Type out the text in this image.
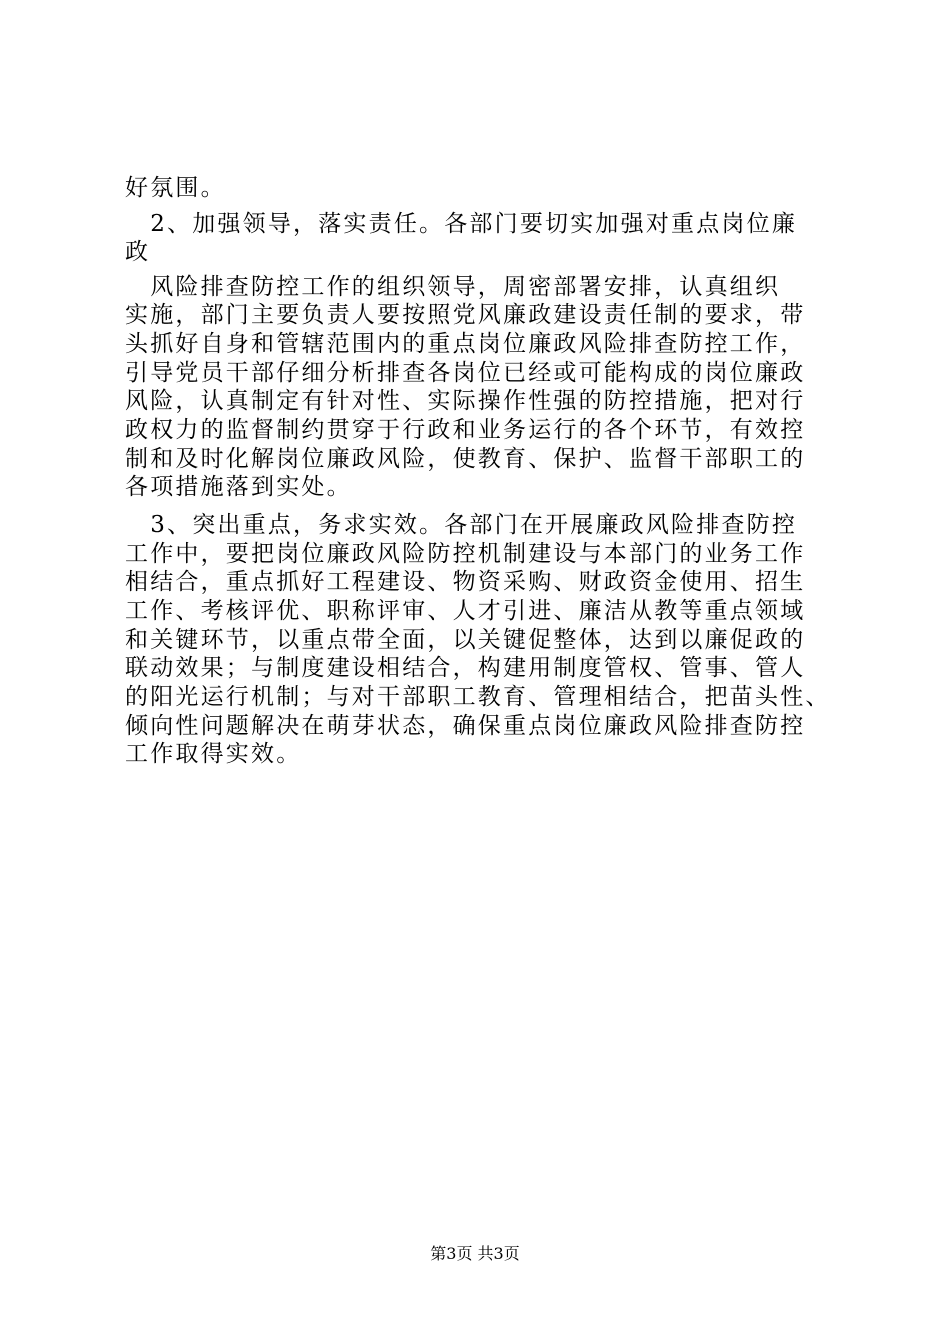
好氛围。
　2、加强领导，落实责任。各部门要切实加强对重点岗位廉
政
　风险排查防控工作的组织领导，周密部署安排，认真组织
实施，部门主要负责人要按照党风廉政建设责任制的要求，带
头抓好自身和管辖范围内的重点岗位廉政风险排查防控工作，
引导党员干部仔细分析排查各岗位已经或可能构成的岗位廉政
风险，认真制定有针对性、实际操作性强的防控措施，把对行
政权力的监督制约贯穿于行政和业务运行的各个环节，有效控
制和及时化解岗位廉政风险，使教育、保护、监督干部职工的
各项措施落到实处。
　3、突出重点，务求实效。各部门在开展廉政风险排查防控
工作中，要把岗位廉政风险防控机制建设与本部门的业务工作
相结合，重点抓好工程建设、物资采购、财政资金使用、招生
工作、考核评优、职称评审、人才引进、廉洁从教等重点领域
和关键环节，以重点带全面，以关键促整体，达到以廉促政的
联动效果；与制度建设相结合，构建用制度管权、管事、管人
的阳光运行机制；与对干部职工教育、管理相结合，把苗头性、
倾向性问题解决在萌芽状态，确保重点岗位廉政风险排查防控
工作取得实效。
第3页 共3页
